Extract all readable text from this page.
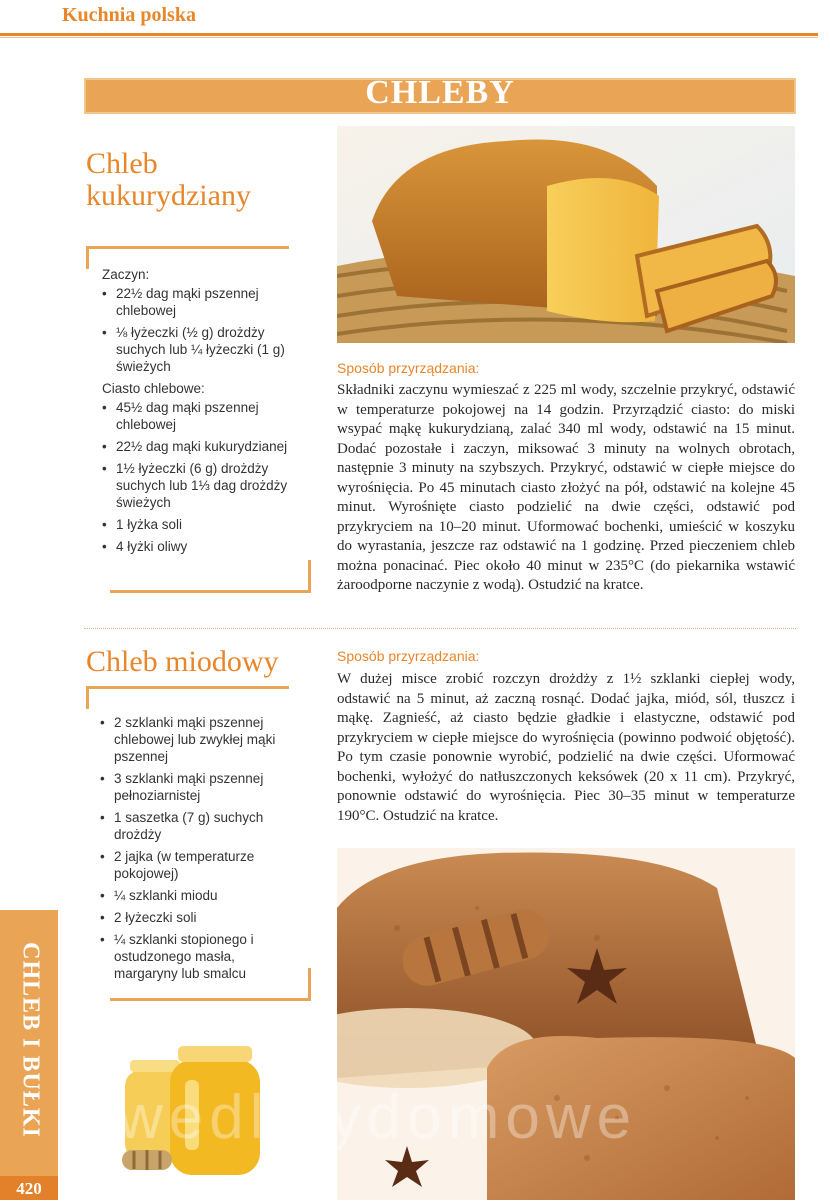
Kuchnia polska
CHLEBY
Chleb
kukurydziany
Zaczyn:
• 22½ dag mąki pszennej chlebowej
• ⅛ łyżeczki (½ g) drożdży suchych lub ¼ łyżeczki (1 g) świeżych
Ciasto chlebowe:
• 45½ dag mąki pszennej chlebowej
• 22½ dag mąki kukurydzianej
• 1½ łyżeczki (6 g) drożdży suchych lub 1⅓ dag drożdży świeżych
• 1 łyżka soli
• 4 łyżki oliwy
Sposób przyrządzania:
Składniki zaczynu wymieszać z 225 ml wody, szczelnie przykryć, odstawić w temperaturze pokojowej na 14 godzin. Przyrządzić ciasto: do miski wsypać mąkę kukurydzianą, zalać 340 ml wody, odstawić na 15 minut. Dodać pozostałe i zaczyn, miksować 3 minuty na wolnych obrotach, następnie 3 minuty na szybszych. Przykryć, odstawić w ciepłe miejsce do wyrośnięcia. Po 45 minutach ciasto złożyć na pół, odstawić na kolejne 45 minut. Wyrośnięte ciasto podzielić na dwie części, odstawić pod przykryciem na 10–20 minut. Uformować bochenki, umieścić w koszyku do wyrastania, jeszcze raz odstawić na 1 godzinę. Przed pieczeniem chleb można ponacinać. Piec około 40 minut w 235°C (do piekarnika wstawić żaroodporne naczynie z wodą). Ostudzić na kratce.
Chleb miodowy
• 2 szklanki mąki pszennej chlebowej lub zwykłej mąki pszennej
• 3 szklanki mąki pszennej pełnoziarnistej
• 1 saszetka (7 g) suchych drożdży
• 2 jajka (w temperaturze pokojowej)
• ¼ szklanki miodu
• 2 łyżeczki soli
• ¼ szklanki stopionego i ostudzonego masła, margaryny lub smalcu
Sposób przyrządzania:
W dużej misce zrobić rozczyn drożdży z 1½ szklanki ciepłej wody, odstawić na 5 minut, aż zaczną rosnąć. Dodać jajka, miód, sól, tłuszcz i mąkę. Zagnieść, aż ciasto będzie gładkie i elastyczne, odstawić pod przykryciem w ciepłe miejsce do wyrośnięcia (powinno podwoić objętość). Po tym czasie ponownie wyrobić, podzielić na dwie części. Uformować bochenki, wyłożyć do natłuszczonych keksówek (20 x 11 cm). Przykryć, ponownie odstawić do wyrośnięcia. Piec 30–35 minut w temperaturze 190°C. Ostudzić na kratce.
wedlinydomowe
CHLEB I BUŁKI
420
